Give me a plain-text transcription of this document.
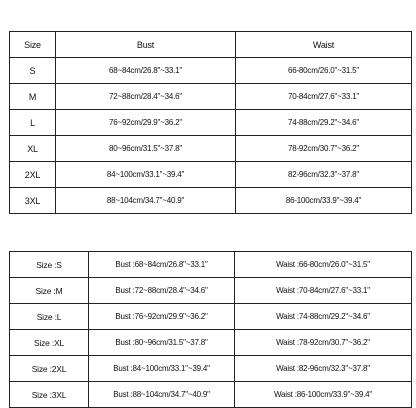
Size	Bust	Waist
S	68~84cm/26.8"~33.1"	66-80cm/26.0"~31.5"
M	72~88cm/28.4"~34.6"	70-84cm/27.6"~33.1"
L	76~92cm/29.9"~36.2"	74-88cm/29.2"~34.6"
XL	80~96cm/31.5"~37.8"	78-92cm/30.7"~36.2"
2XL	84~100cm/33.1"~39.4"	82-96cm/32.3"~37.8"
3XL	88~104cm/34.7"~40.9"	86-100cm/33.9"~39.4"
Size :S	Bust :68~84cm/26.8"~33.1"	Waist :66-80cm/26.0"~31.5"
Size :M	Bust :72~88cm/28.4"~34.6"	Waist :70-84cm/27.6"~33.1"
Size :L	Bust :76~92cm/29.9"~36.2"	Waist :74-88cm/29.2"~34.6"
Size :XL	Bust :80~96cm/31.5"~37.8"	Waist :78-92cm/30.7"~36.2"
Size :2XL	Bust :84~100cm/33.1"~39.4"	Waist :82-96cm/32.3"~37.8"
Size :3XL	Bust :88~104cm/34.7"~40.9"	Waist :86-100cm/33.9"~39.4"
